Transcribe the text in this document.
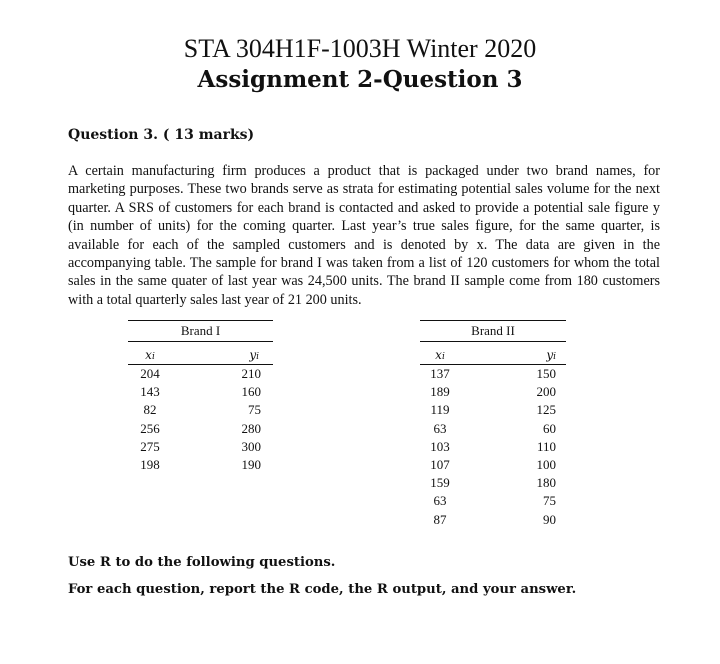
STA 304H1F-1003H Winter 2020
Assignment 2-Question 3
Question 3. ( 13 marks)
A certain manufacturing firm produces a product that is packaged under two brand names, for marketing purposes. These two brands serve as strata for estimating potential sales volume for the next quarter. A SRS of customers for each brand is contacted and asked to provide a potential sale figure y (in number of units) for the coming quarter. Last year’s true sales figure, for the same quarter, is available for each of the sampled customers and is denoted by x. The data are given in the accompanying table. The sample for brand I was taken from a list of 120 customers for whom the total sales in the same quater of last year was 24,500 units. The brand II sample come from 180 customers with a total quarterly sales last year of 21 200 units.
Brand I
xi	yi
204	210
143	160
82	75
256	280
275	300
198	190
Brand II
xi	yi
137	150
189	200
119	125
63	60
103	110
107	100
159	180
63	75
87	90
Use R to do the following questions.
For each question, report the R code, the R output, and your answer.
